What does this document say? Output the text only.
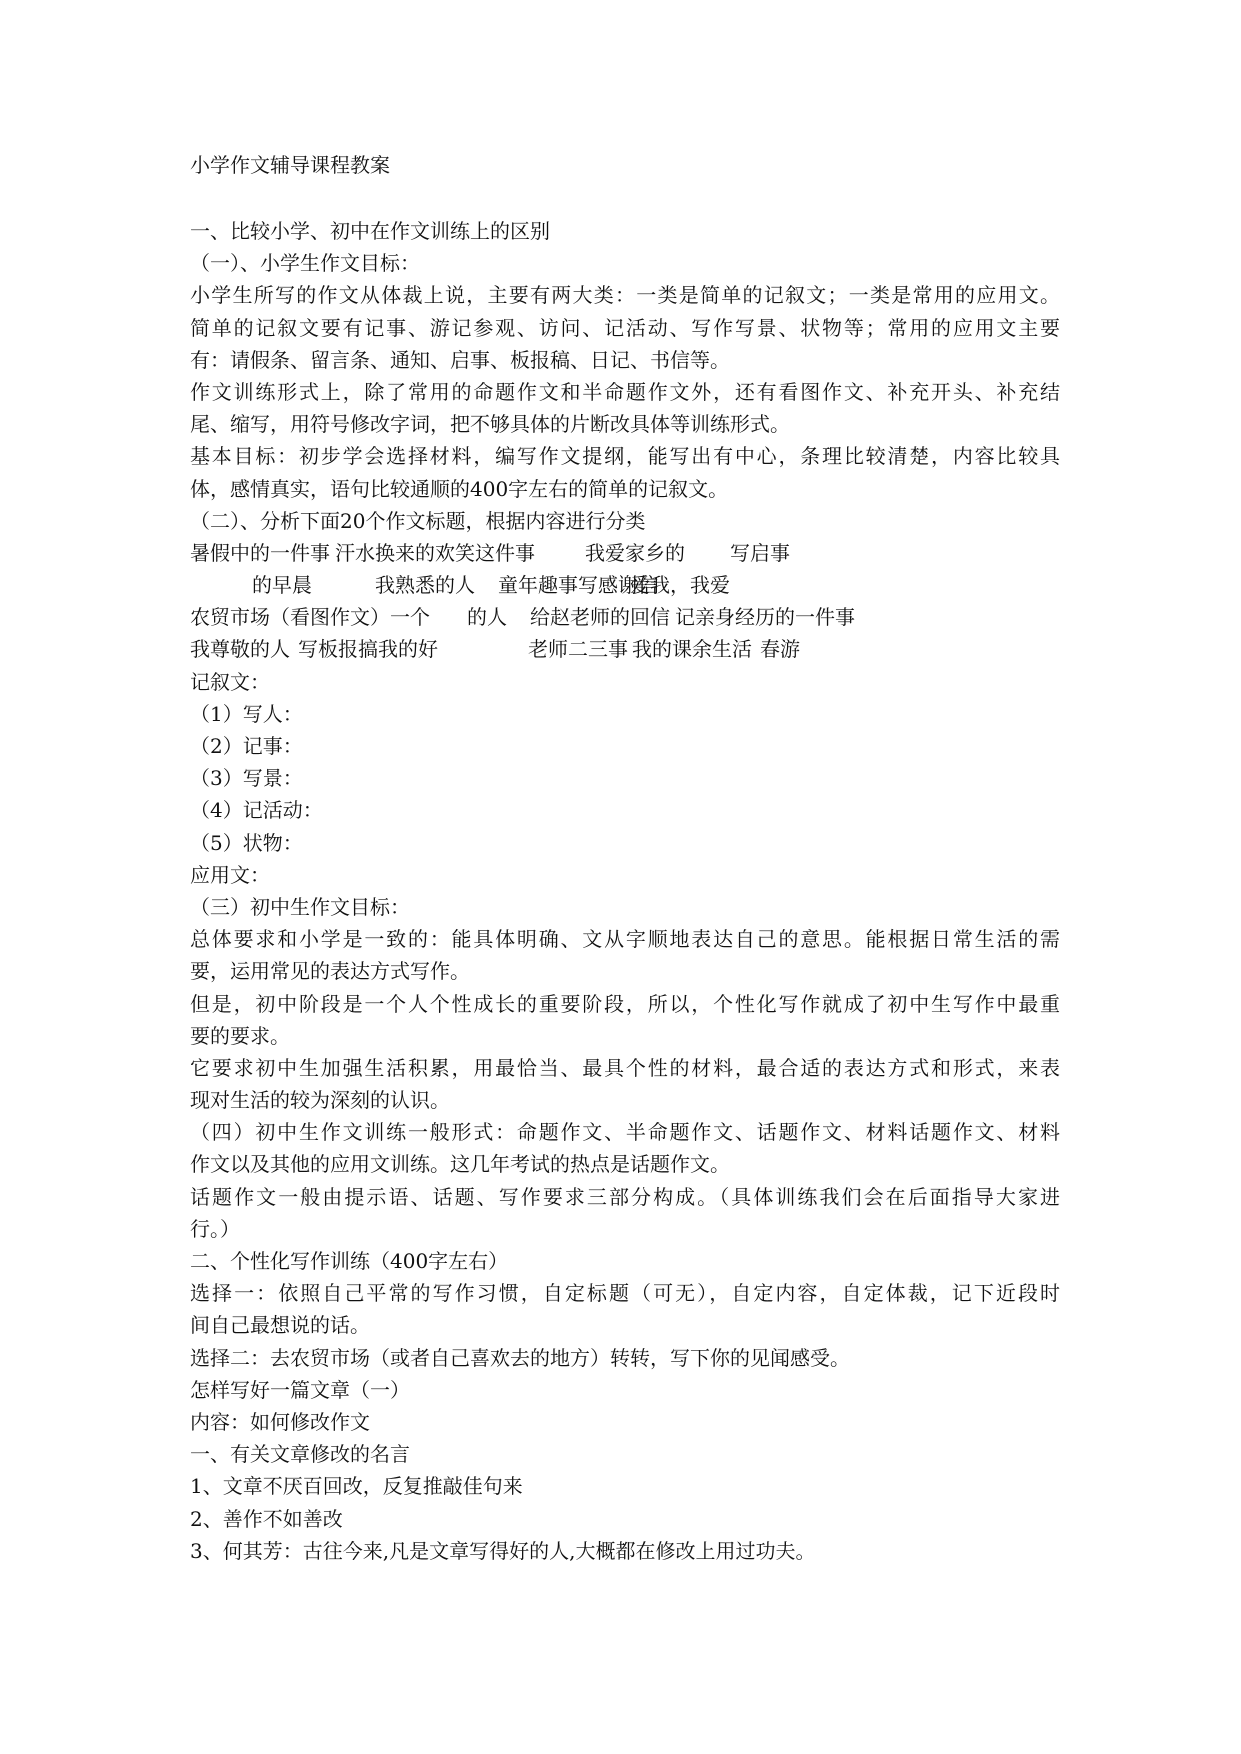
小学作文辅导课程教案
一、比较小学、初中在作文训练上的区别
（一）、小学生作文目标：
小学生所写的作文从体裁上说，主要有两大类：一类是简单的记叙文；一类是常用的应用文。
简单的记叙文要有记事、游记参观、访问、记活动、写作写景、状物等；常用的应用文主要
有：请假条、留言条、通知、启事、板报稿、日记、书信等。
作文训练形式上，除了常用的命题作文和半命题作文外，还有看图作文、补充开头、补充结
尾、缩写，用符号修改字词，把不够具体的片断改具体等训练形式。
基本目标：初步学会选择材料，编写作文提纲，能写出有中心，条理比较清楚，内容比较具
体，感情真实，语句比较通顺的400字左右的简单的记叙文。
（二）、分析下面20个作文标题，根据内容进行分类
暑假中的一件事 汗水换来的欢笑这件事	我爱家乡的 写启事
的早晨	我熟悉的人 童年趣事写感谢信
爱我，我爱
农贸市场（看图作文）一个 的人 给赵老师的回信 记亲身经历的一件事
我尊敬的人 写板报搞我的好	老师二三事 我的课余生活 春游
记叙文：
（1）写人：
（2）记事：
（3）写景：
（4）记活动：
（5）状物：
应用文：
（三）初中生作文目标：
总体要求和小学是一致的：能具体明确、文从字顺地表达自己的意思。能根据日常生活的需
要，运用常见的表达方式写作。
但是，初中阶段是一个人个性成长的重要阶段，所以，个性化写作就成了初中生写作中最重
要的要求。
它要求初中生加强生活积累，用最恰当、最具个性的材料，最合适的表达方式和形式，来表
现对生活的较为深刻的认识。
（四）初中生作文训练一般形式：命题作文、半命题作文、话题作文、材料话题作文、材料
作文以及其他的应用文训练。这几年考试的热点是话题作文。
话题作文一般由提示语、话题、写作要求三部分构成。（具体训练我们会在后面指导大家进
行。）
二、个性化写作训练（400字左右）
选择一：依照自己平常的写作习惯，自定标题（可无），自定内容，自定体裁，记下近段时
间自己最想说的话。
选择二：去农贸市场（或者自己喜欢去的地方）转转，写下你的见闻感受。
怎样写好一篇文章（一）
内容：如何修改作文
一、有关文章修改的名言
1、文章不厌百回改，反复推敲佳句来
2、善作不如善改
3、何其芳：古往今来,凡是文章写得好的人,大概都在修改上用过功夫。
